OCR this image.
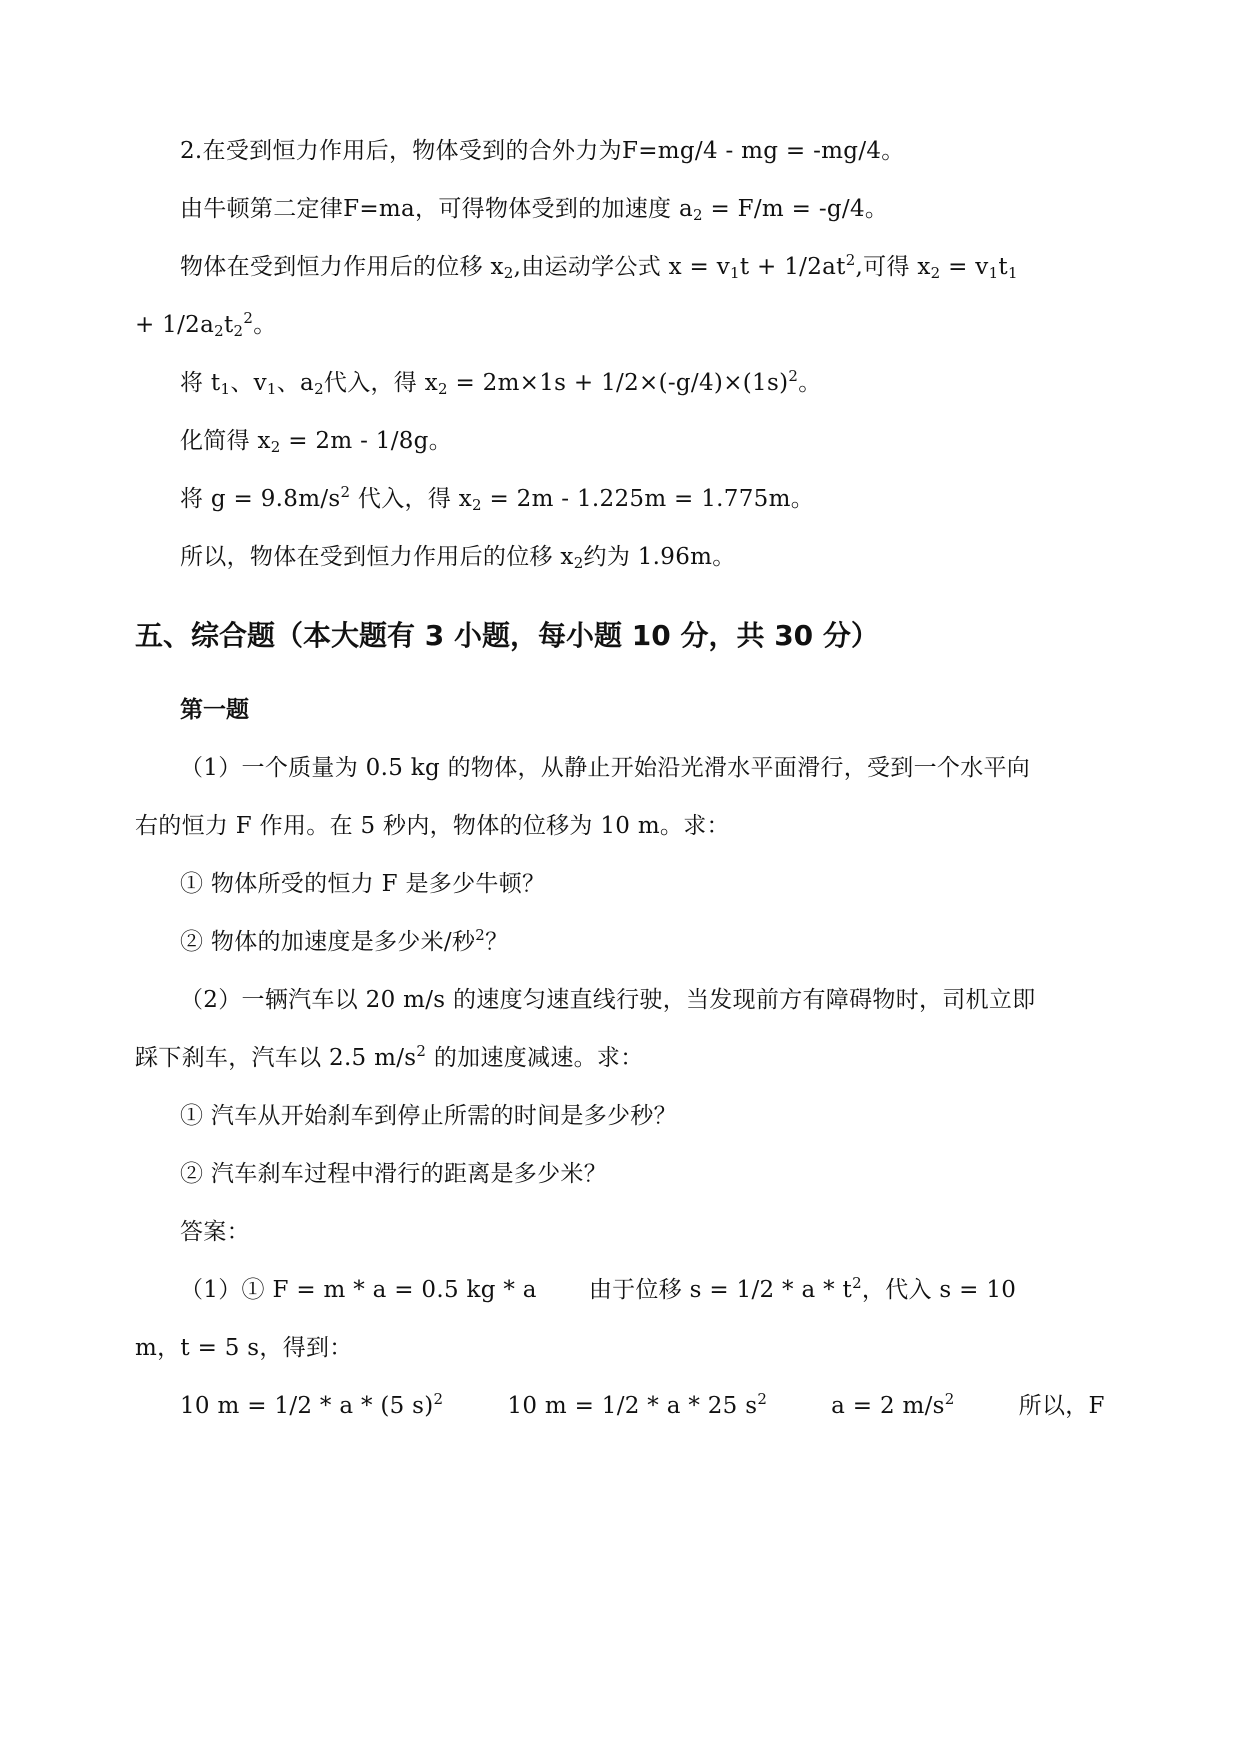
2.在受到恒力作用后，物体受到的合外力为F=mg/4 - mg = -mg/4。
由牛顿第二定律F=ma，可得物体受到的加速度 $a_2 = F/m = -g/4$。
物体在受到恒力作用后的位移 $x_2$,由运动学公式 $x = v_1t + 1/2at^2$,可得 $x_2 = v_1t_1$
+ $1/2a_2t_2^2$。
将 $t_1$、$v_1$、$a_2$代入，得 $x_2 = 2m\times 1s + 1/2\times(-g/4)\times(1s)^2$。
化简得 $x_2 = 2m - 1/8g$。
将 $g = 9.8m/s^2$ 代入，得 $x_2 = 2m - 1.225m = 1.775m$。
所以，物体在受到恒力作用后的位移 $x_2$约为 1.96m。
五、综合题（本大题有 3 小题，每小题 10 分，共 30 分）
第一题
（1）一个质量为 0.5 kg 的物体，从静止开始沿光滑水平面滑行，受到一个水平向
右的恒力 F 作用。在 5 秒内，物体的位移为 10 m。求：
① 物体所受的恒力 F 是多少牛顿？
② 物体的加速度是多少米/秒$^2$？
（2）一辆汽车以 20 m/s 的速度匀速直线行驶，当发现前方有障碍物时，司机立即
踩下刹车，汽车以 2.5 $m/s^2$ 的加速度减速。求：
① 汽车从开始刹车到停止所需的时间是多少秒？
② 汽车刹车过程中滑行的距离是多少米？
答案：
（1）① F = m * a = 0.5 kg * a 由于位移 $s = 1/2 * a * t^2$，代入 s = 10
m，t = 5 s，得到：
10 m = 1/2 * a * (5 s)$^2$	10 m = 1/2 * a * 25 $s^2$	a = 2 $m/s^2$	所以，F
